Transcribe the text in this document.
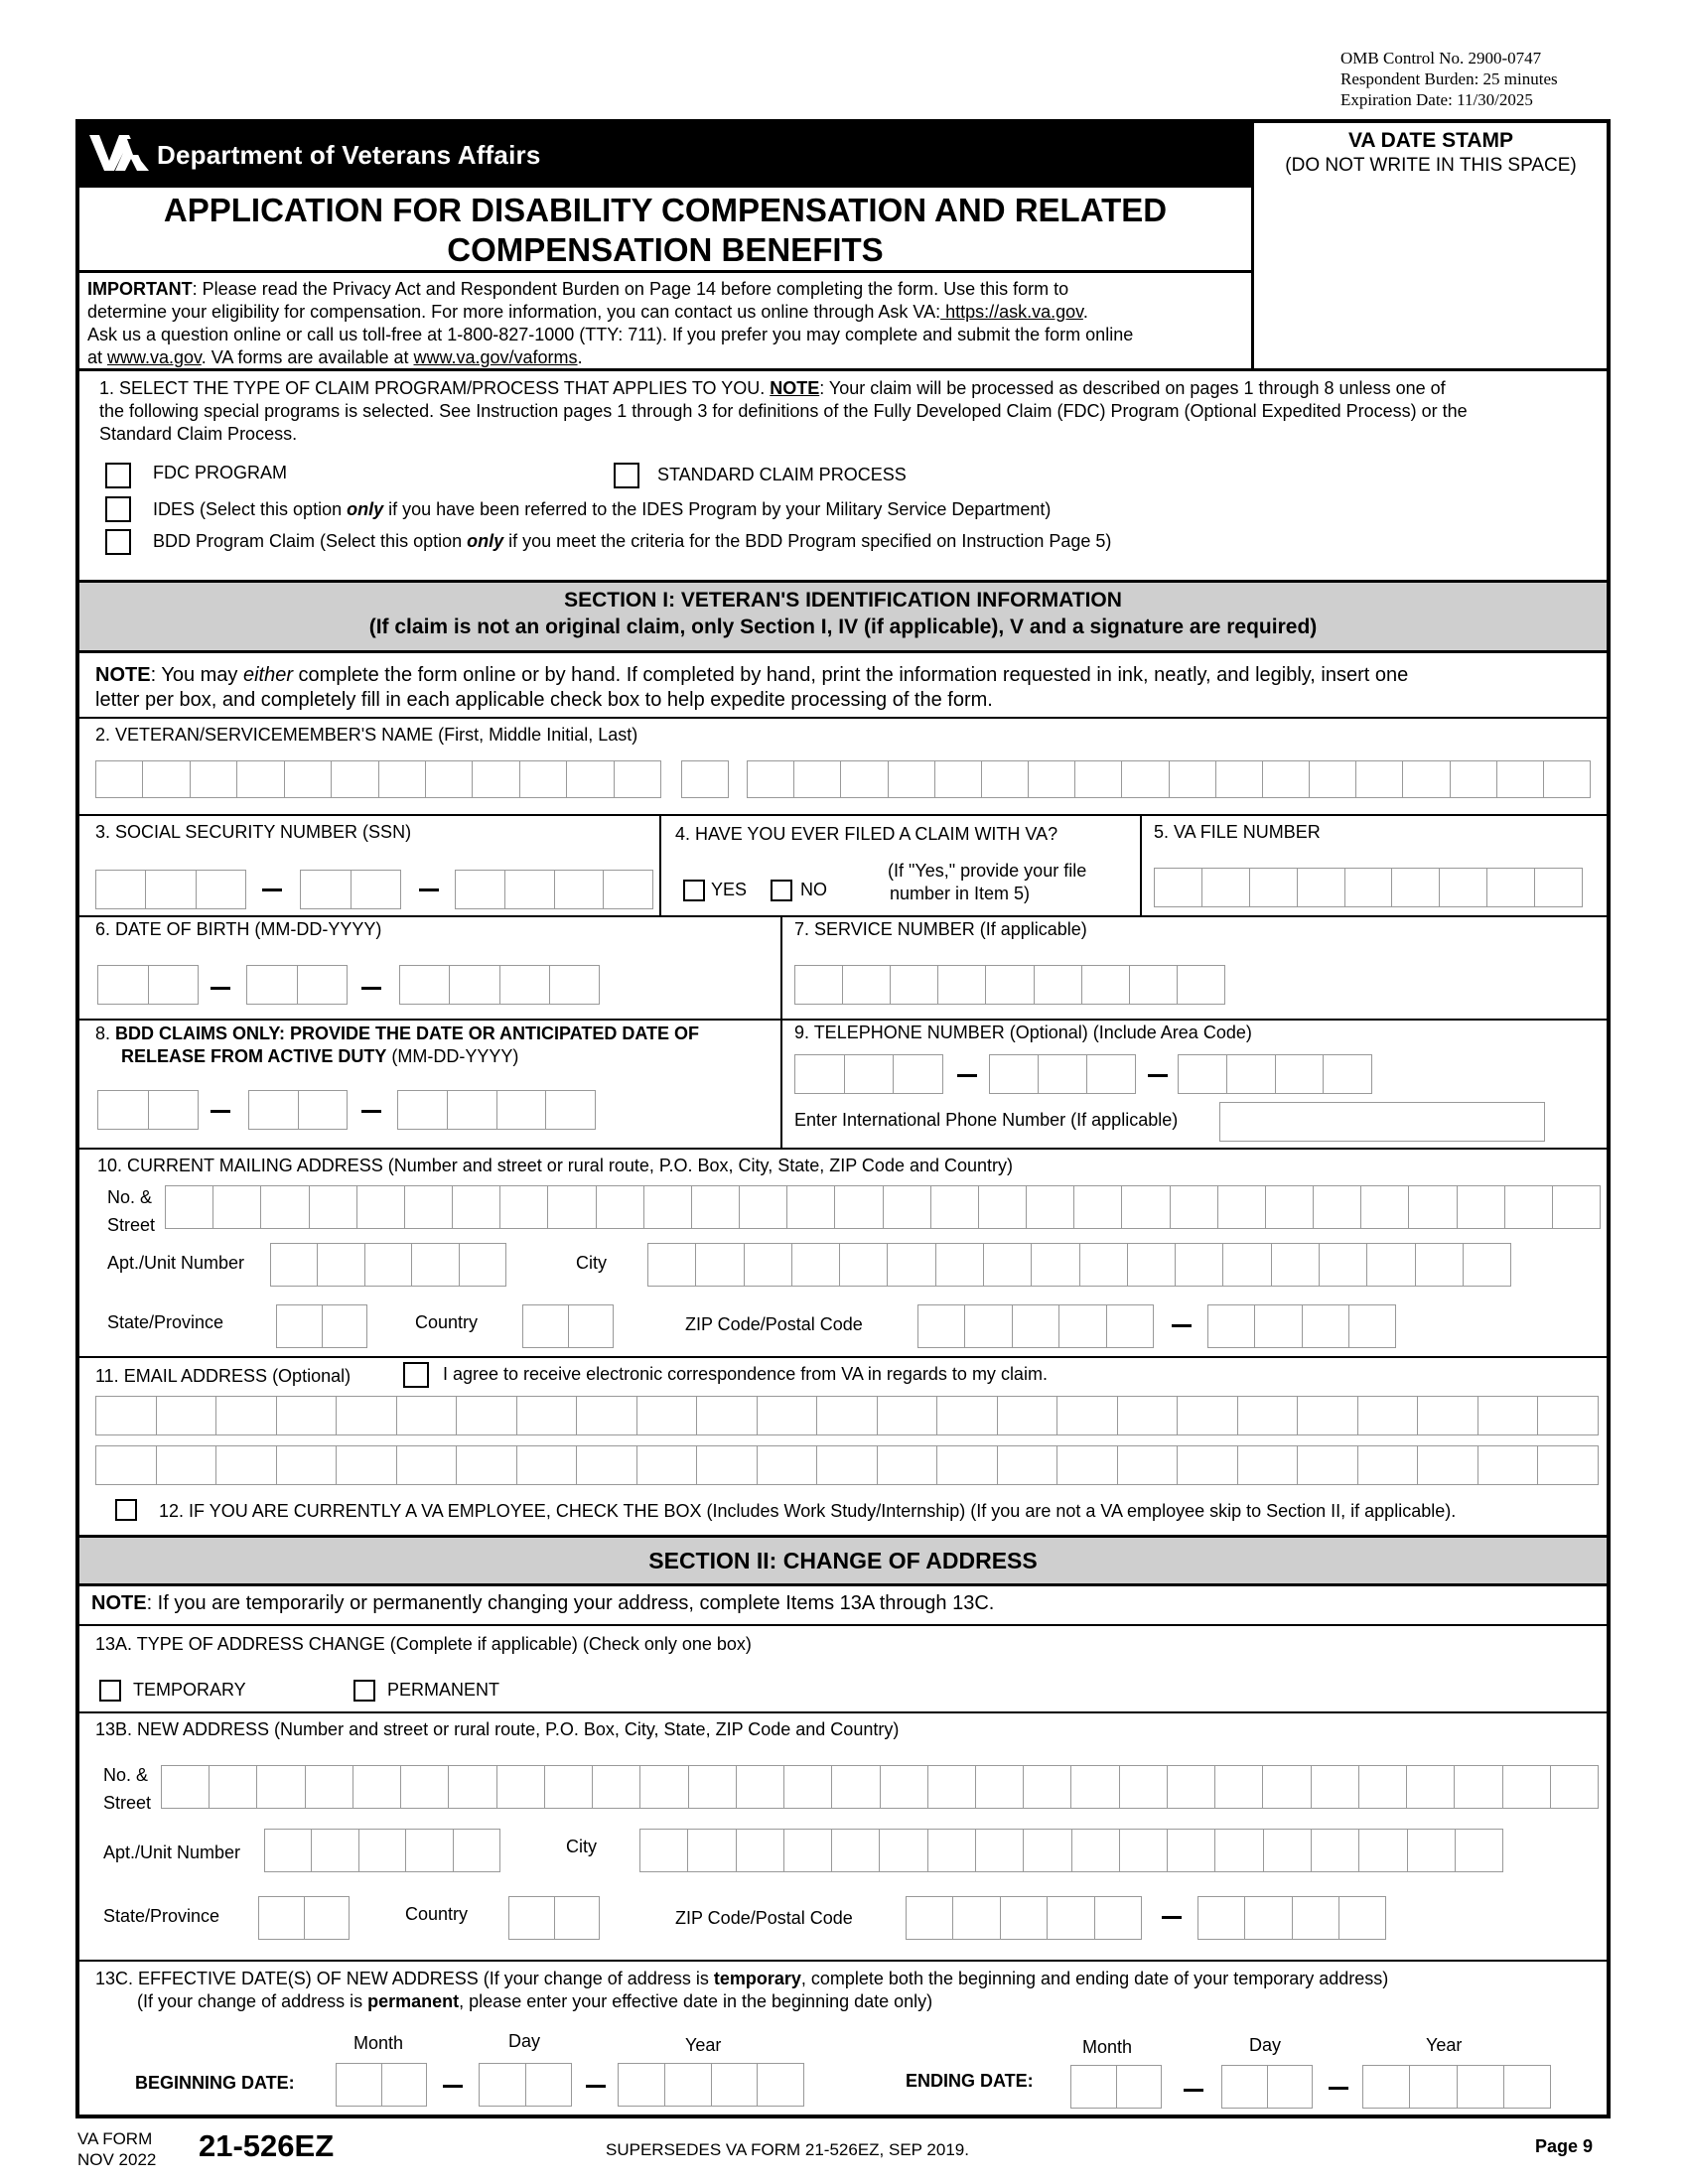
OMB Control No. 2900-0747
Respondent Burden: 25 minutes
Expiration Date: 11/30/2025
Department of Veterans Affairs	VA DATE STAMP
(DO NOT WRITE IN THIS SPACE)
APPLICATION FOR DISABILITY COMPENSATION AND RELATED
COMPENSATION BENEFITS
IMPORTANT: Please read the Privacy Act and Respondent Burden on Page 14 before completing the form. Use this form to
determine your eligibility for compensation. For more information, you can contact us online through Ask VA: https://ask.va.gov.
Ask us a question online or call us toll-free at 1-800-827-1000 (TTY: 711). If you prefer you may complete and submit the form online
at www.va.gov. VA forms are available at www.va.gov/vaforms.
1. SELECT THE TYPE OF CLAIM PROGRAM/PROCESS THAT APPLIES TO YOU. NOTE: Your claim will be processed as described on pages 1 through 8 unless one of
the following special programs is selected. See Instruction pages 1 through 3 for definitions of the Fully Developed Claim (FDC) Program (Optional Expedited Process) or the
Standard Claim Process.
FDC PROGRAM	STANDARD CLAIM PROCESS
IDES (Select this option only if you have been referred to the IDES Program by your Military Service Department)
BDD Program Claim (Select this option only if you meet the criteria for the BDD Program specified on Instruction Page 5)
SECTION I: VETERAN'S IDENTIFICATION INFORMATION
(If claim is not an original claim, only Section I, IV (if applicable), V and a signature are required)
NOTE: You may either complete the form online or by hand. If completed by hand, print the information requested in ink, neatly, and legibly, insert one
letter per box, and completely fill in each applicable check box to help expedite processing of the form.
2. VETERAN/SERVICEMEMBER'S NAME (First, Middle Initial, Last)
3. SOCIAL SECURITY NUMBER (SSN)	4. HAVE YOU EVER FILED A CLAIM WITH VA?
YES	NO
(If "Yes," provide your file
number in Item 5)
5. VA FILE NUMBER
6. DATE OF BIRTH (MM-DD-YYYY)	7. SERVICE NUMBER (If applicable)
8. BDD CLAIMS ONLY: PROVIDE THE DATE OR ANTICIPATED DATE OF
RELEASE FROM ACTIVE DUTY (MM-DD-YYYY)
9. TELEPHONE NUMBER (Optional) (Include Area Code)
Enter International Phone Number (If applicable)
10. CURRENT MAILING ADDRESS (Number and street or rural route, P.O. Box, City, State, ZIP Code and Country)
No. &
Street
Apt./Unit Number	City
State/Province	Country	ZIP Code/Postal Code
11. EMAIL ADDRESS (Optional)	I agree to receive electronic correspondence from VA in regards to my claim.
12. IF YOU ARE CURRENTLY A VA EMPLOYEE, CHECK THE BOX (Includes Work Study/Internship) (If you are not a VA employee skip to Section II, if applicable).
SECTION II: CHANGE OF ADDRESS
NOTE: If you are temporarily or permanently changing your address, complete Items 13A through 13C.
13A. TYPE OF ADDRESS CHANGE (Complete if applicable) (Check only one box)
TEMPORARY	PERMANENT
13B. NEW ADDRESS (Number and street or rural route, P.O. Box, City, State, ZIP Code and Country)
No. &
Street
Apt./Unit Number	City
State/Province	Country	ZIP Code/Postal Code
13C. EFFECTIVE DATE(S) OF NEW ADDRESS (If your change of address is temporary, complete both the beginning and ending date of your temporary address)
(If your change of address is permanent, please enter your effective date in the beginning date only)
Month	Day	Year	Month	Day	Year
BEGINNING DATE:	ENDING DATE:
VA FORM
NOV 2022 21-526EZ	SUPERSEDES VA FORM 21-526EZ, SEP 2019.	Page 9
